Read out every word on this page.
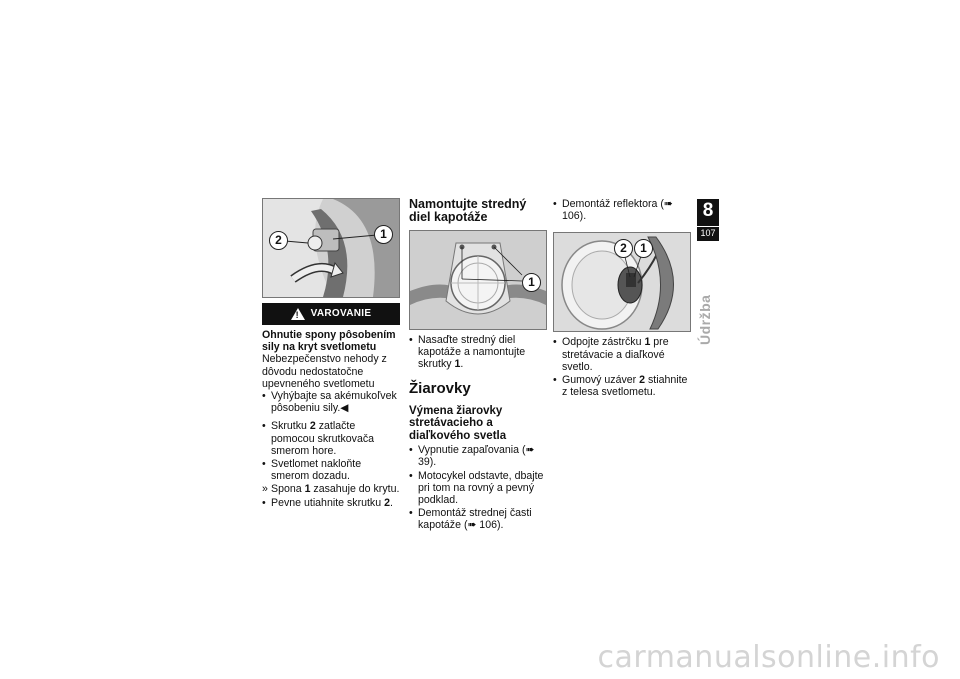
2	1
! VAROVANIE

Ohnutie spony pôsobením sily na kryt svetlometu

Nebezpečenstvo nehody z dôvodu nedostatočne upevneného svetlometu

• Vyhýbajte sa akémukoľvek pôsobeniu sily.◀
• Skrutku 2 zatlačte pomocou skrutkovača smerom hore.
• Svetlomet nakloňte smerom dozadu.
» Spona 1 zasahuje do krytu.
• Pevne utiahnite skrutku 2.
Namontujte stredný diel kapotáže
1
• Nasaďte stredný diel kapotáže a namontujte skrutky 1.
Žiarovky
Výmena žiarovky stretávacieho a diaľkového svetla
• Vypnutie zapaľovania (➠ 39).
• Motocykel odstavte, dbajte pri tom na rovný a pevný podklad.
• Demontáž strednej časti kapotáže (➠ 106).
• Demontáž reflektora (➠ 106).
2	1
• Odpojte zástrčku 1 pre stretávacie a diaľkové svetlo.
• Gumový uzáver 2 stiahnite z telesa svetlometu.
8
107
Údržba
carmanualsonline.info
